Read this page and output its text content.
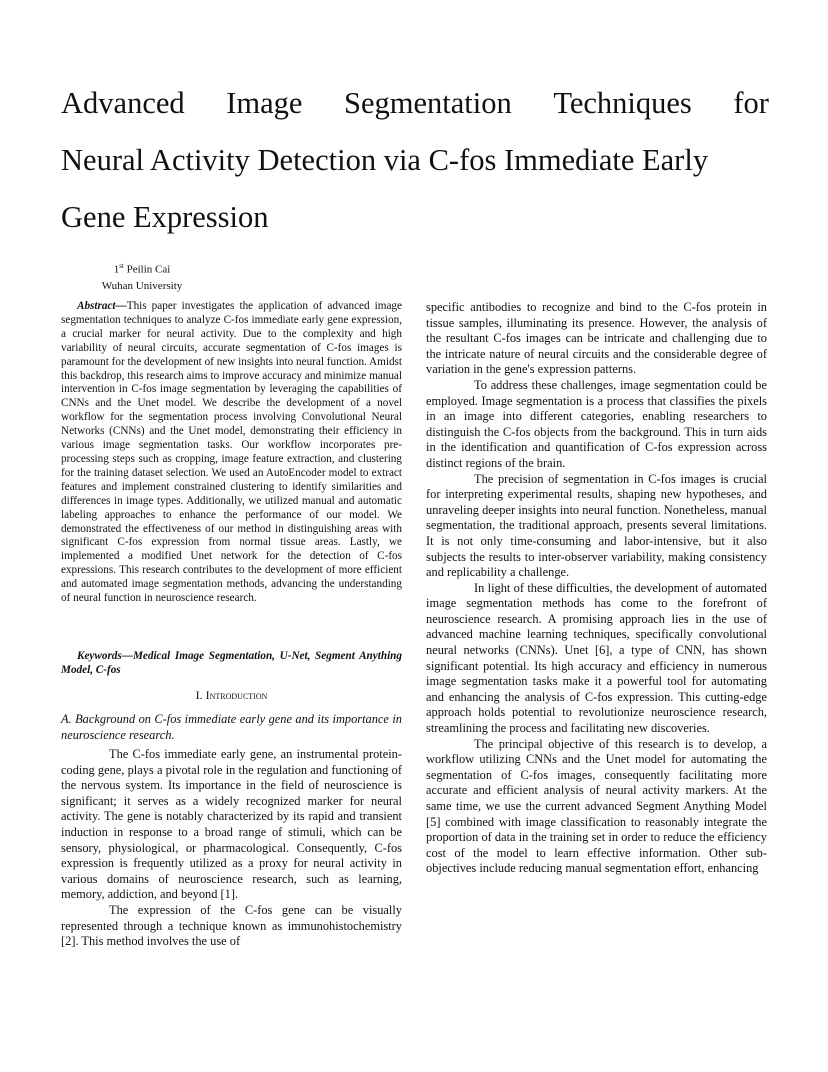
Advanced Image Segmentation Techniques for
Neural Activity Detection via C-fos Immediate Early
Gene Expression
1st Peilin Cai
Wuhan University

Abstract—This paper investigates the application of advanced image segmentation techniques to analyze C-fos immediate early gene expression, a crucial marker for neural activity. Due to the complexity and high variability of neural circuits, accurate segmentation of C-fos images is paramount for the development of new insights into neural function. Amidst this backdrop, this research aims to improve accuracy and minimize manual intervention in C-fos image segmentation by leveraging the capabilities of CNNs and the Unet model. We describe the development of a novel workflow for the segmentation process involving Convolutional Neural Networks (CNNs) and the Unet model, demonstrating their efficiency in various image segmentation tasks. Our workflow incorporates pre-processing steps such as cropping, image feature extraction, and clustering for the training dataset selection. We used an AutoEncoder model to extract features and implement constrained clustering to identify similarities and differences in image types. Additionally, we utilized manual and automatic labeling approaches to enhance the performance of our model. We demonstrated the effectiveness of our method in distinguishing areas with significant C-fos expression from normal tissue areas. Lastly, we implemented a modified Unet network for the detection of C-fos expressions. This research contributes to the development of more efficient and automated image segmentation methods, advancing the understanding of neural function in neuroscience research.

Keywords—Medical Image Segmentation, U-Net, Segment Anything Model, C-fos

I. Introduction
A. Background on C-fos immediate early gene and its importance in neuroscience research.

The C-fos immediate early gene, an instrumental protein-coding gene, plays a pivotal role in the regulation and functioning of the nervous system. Its importance in the field of neuroscience is significant; it serves as a widely recognized marker for neural activity. The gene is notably characterized by its rapid and transient induction in response to a broad range of stimuli, which can be sensory, physiological, or pharmacological. Consequently, C-fos expression is frequently utilized as a proxy for neural activity in various domains of neuroscience research, such as learning, memory, addiction, and beyond [1].

The expression of the C-fos gene can be visually represented through a technique known as immunohistochemistry [2]. This method involves the use of

specific antibodies to recognize and bind to the C-fos protein in tissue samples, illuminating its presence. However, the analysis of the resultant C-fos images can be intricate and challenging due to the intricate nature of neural circuits and the considerable degree of variation in the gene's expression patterns.

To address these challenges, image segmentation could be employed. Image segmentation is a process that classifies the pixels in an image into different categories, enabling researchers to distinguish the C-fos objects from the background. This in turn aids in the identification and quantification of C-fos expression across distinct regions of the brain.

The precision of segmentation in C-fos images is crucial for interpreting experimental results, shaping new hypotheses, and unraveling deeper insights into neural function. Nonetheless, manual segmentation, the traditional approach, presents several limitations. It is not only time-consuming and labor-intensive, but it also subjects the results to inter-observer variability, making consistency and replicability a challenge.

In light of these difficulties, the development of automated image segmentation methods has come to the forefront of neuroscience research. A promising approach lies in the use of advanced machine learning techniques, specifically convolutional neural networks (CNNs). Unet [6], a type of CNN, has shown significant potential. Its high accuracy and efficiency in numerous image segmentation tasks make it a powerful tool for automating and enhancing the analysis of C-fos expression. This cutting-edge approach holds potential to revolutionize neuroscience research, streamlining the process and facilitating new discoveries.

The principal objective of this research is to develop, a workflow utilizing CNNs and the Unet model for automating the segmentation of C-fos images, consequently facilitating more accurate and efficient analysis of neural activity markers. At the same time, we use the current advanced Segment Anything Model [5] combined with image classification to reasonably integrate the proportion of data in the training set in order to reduce the efficiency cost of the model to learn effective information. Other sub-objectives include reducing manual segmentation effort, enhancing
